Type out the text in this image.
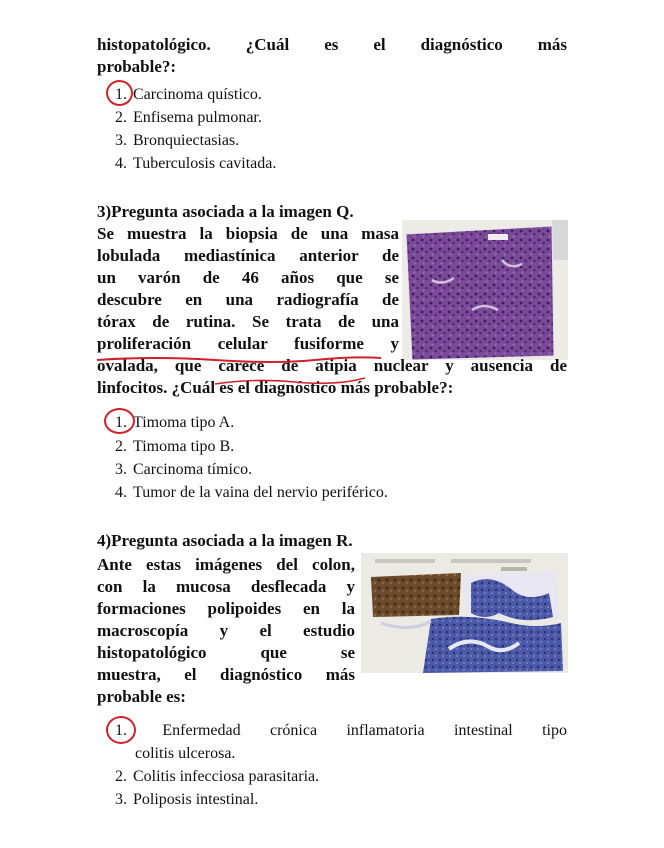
histopatológico. ¿Cuál es el diagnóstico más
probable?:
1. Carcinoma quístico.
2. Enfisema pulmonar.
3. Bronquiectasias.
4. Tuberculosis cavitada.
3)Pregunta asociada a la imagen Q.
Se muestra la biopsia de una masa
lobulada mediastínica anterior de
un varón de 46 años que se
descubre en una radiografía de
tórax de rutina. Se trata de una
proliferación celular fusiforme y
ovalada, que carece de atipia nuclear y ausencia de
linfocitos. ¿Cuál es el diagnóstico más probable?:
1. Timoma tipo A.
2. Timoma tipo B.
3. Carcinoma tímico.
4. Tumor de la vaina del nervio periférico.
4)Pregunta asociada a la imagen R.
Ante estas imágenes del colon,
con la mucosa desflecada y
formaciones polipoides en la
macroscopía y el estudio
histopatológico que se
muestra, el diagnóstico más
probable es:
1. Enfermedad crónica inflamatoria intestinal tipo
colitis ulcerosa.
2. Colitis infecciosa parasitaria.
3. Poliposis intestinal.
